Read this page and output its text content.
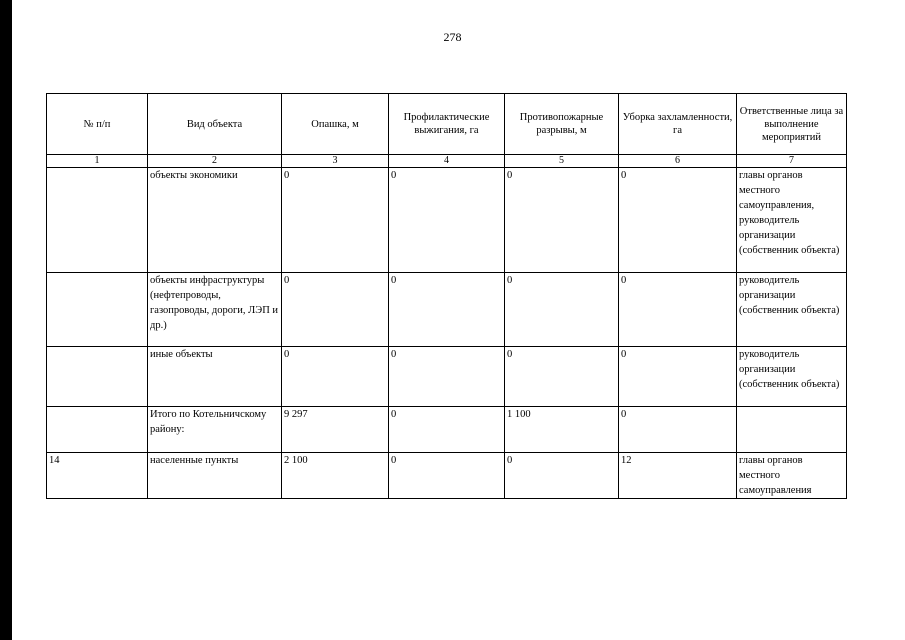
278
№ п/п	Вид объекта	Опашка, м	Профилактические выжигания, га	Противопожарные разрывы, м	Уборка захламленности, га	Ответственные лица за выполнение мероприятий
1	2	3	4	5	6	7
	объекты экономики	0	0	0	0	главы органов местного самоуправления, руководитель организации (собственник объекта)
	объекты инфраструктуры (нефтепроводы, газопроводы, дороги, ЛЭП и др.)	0	0	0	0	руководитель организации (собственник объекта)
	иные объекты	0	0	0	0	руководитель организации (собственник объекта)
	Итого по Котельничскому району:	9 297	0	1 100	0	
14	населенные пункты	2 100	0	0	12	главы органов местного самоуправления
